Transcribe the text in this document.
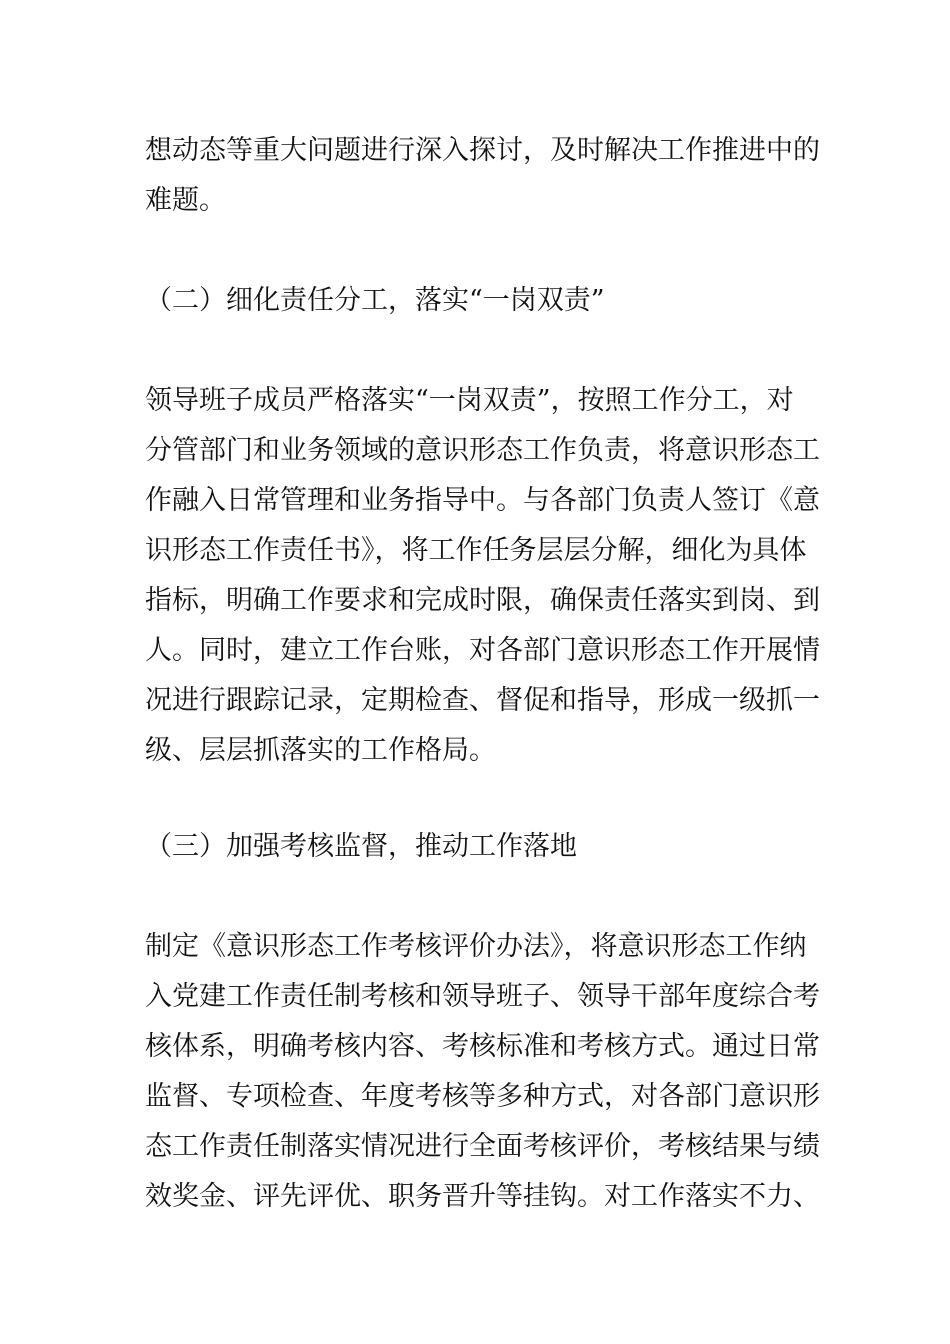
想动态等重大问题进行深入探讨，及时解决工作推进中的
难题。
（二）细化责任分工，落实“一岗双责”
领导班子成员严格落实“一岗双责”，按照工作分工，对
分管部门和业务领域的意识形态工作负责，将意识形态工
作融入日常管理和业务指导中。与各部门负责人签订《意
识形态工作责任书》，将工作任务层层分解，细化为具体
指标，明确工作要求和完成时限，确保责任落实到岗、到
人。同时，建立工作台账，对各部门意识形态工作开展情
况进行跟踪记录，定期检查、督促和指导，形成一级抓一
级、层层抓落实的工作格局。
（三）加强考核监督，推动工作落地
制定《意识形态工作考核评价办法》，将意识形态工作纳
入党建工作责任制考核和领导班子、领导干部年度综合考
核体系，明确考核内容、考核标准和考核方式。通过日常
监督、专项检查、年度考核等多种方式，对各部门意识形
态工作责任制落实情况进行全面考核评价，考核结果与绩
效奖金、评先评优、职务晋升等挂钩。对工作落实不力、
